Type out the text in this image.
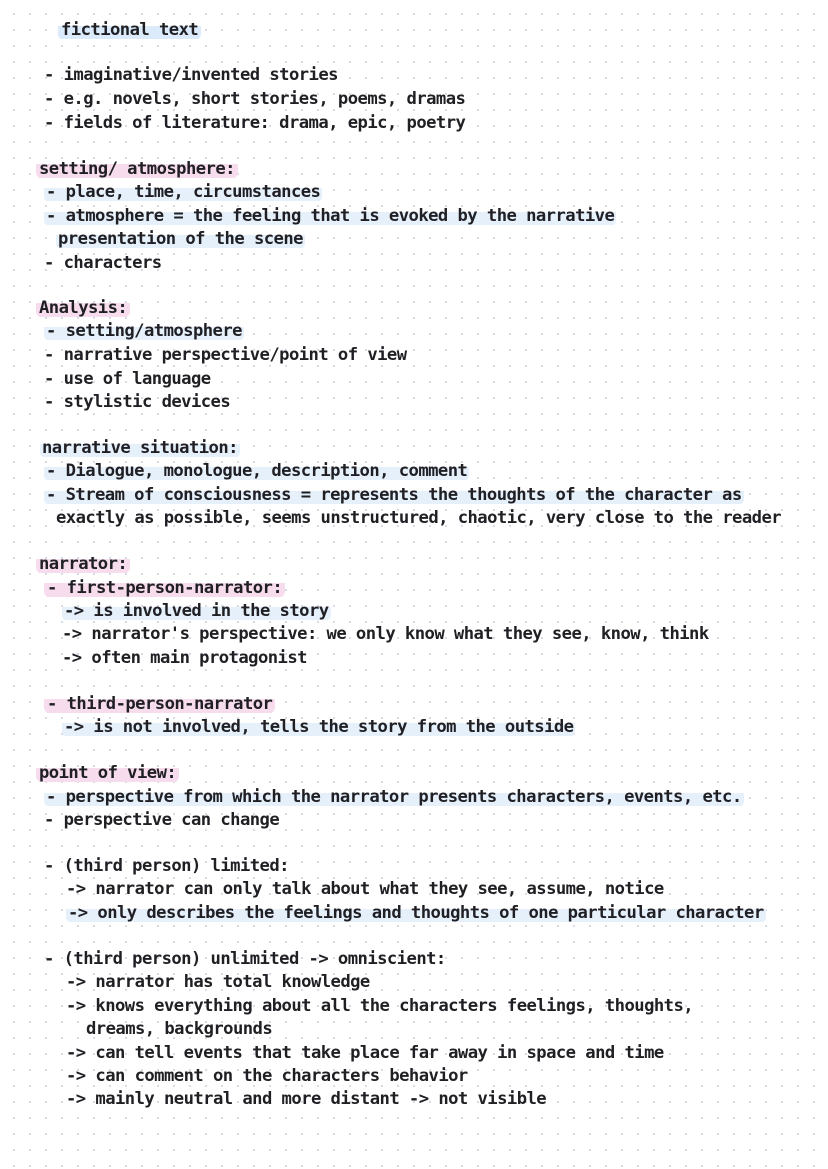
fictional text
- imaginative/invented stories
- e.g. novels, short stories, poems, dramas
- fields of literature: drama, epic, poetry
setting/ atmosphere:
- place, time, circumstances
- atmosphere = the feeling that is evoked by the narrative
presentation of the scene
- characters
Analysis:
- setting/atmosphere
- narrative perspective/point of view
- use of language
- stylistic devices
narrative situation:
- Dialogue, monologue, description, comment
- Stream of consciousness = represents the thoughts of the character as
exactly as possible, seems unstructured, chaotic, very close to the reader
narrator:
- first-person-narrator:
-> is involved in the story
-> narrator's perspective: we only know what they see, know, think
-> often main protagonist
- third-person-narrator
-> is not involved, tells the story from the outside
point of view:
- perspective from which the narrator presents characters, events, etc.
- perspective can change
- (third person) limited:
-> narrator can only talk about what they see, assume, notice
-> only describes the feelings and thoughts of one particular character
- (third person) unlimited -> omniscient:
-> narrator has total knowledge
-> knows everything about all the characters feelings, thoughts,
dreams, backgrounds
-> can tell events that take place far away in space and time
-> can comment on the characters behavior
-> mainly neutral and more distant -> not visible
